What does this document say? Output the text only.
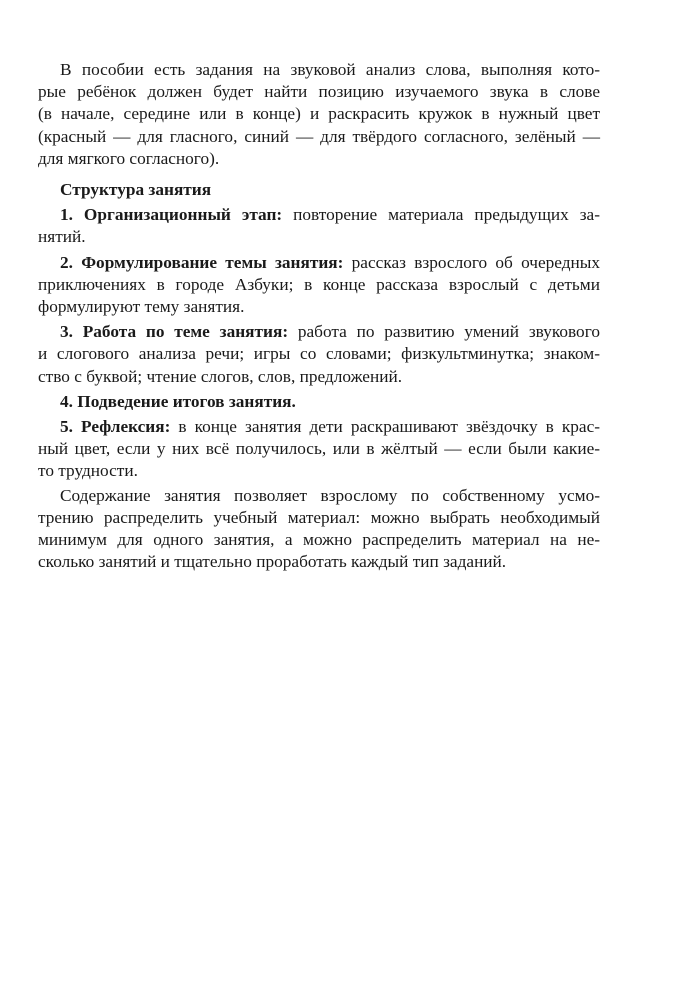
В пособии есть задания на звуковой анализ слова, выполняя кото-
рые ребёнок должен будет найти позицию изучаемого звука в слове
(в начале, середине или в конце) и раскрасить кружок в нужный цвет
(красный — для гласного, синий — для твёрдого согласного, зелёный —
для мягкого согласного).

Структура занятия

1. Организационный этап: повторение материала предыдущих за-
нятий.

2. Формулирование темы занятия: рассказ взрослого об очередных
приключениях в городе Азбуки; в конце рассказа взрослый с детьми
формулируют тему занятия.

3. Работа по теме занятия: работа по развитию умений звукового
и слогового анализа речи; игры со словами; физкультминутка; знаком-
ство с буквой; чтение слогов, слов, предложений.

4. Подведение итогов занятия.

5. Рефлексия: в конце занятия дети раскрашивают звёздочку в крас-
ный цвет, если у них всё получилось, или в жёлтый — если были какие-
то трудности.

Содержание занятия позволяет взрослому по собственному усмо-
трению распределить учебный материал: можно выбрать необходимый
минимум для одного занятия, а можно распределить материал на не-
сколько занятий и тщательно проработать каждый тип заданий.
